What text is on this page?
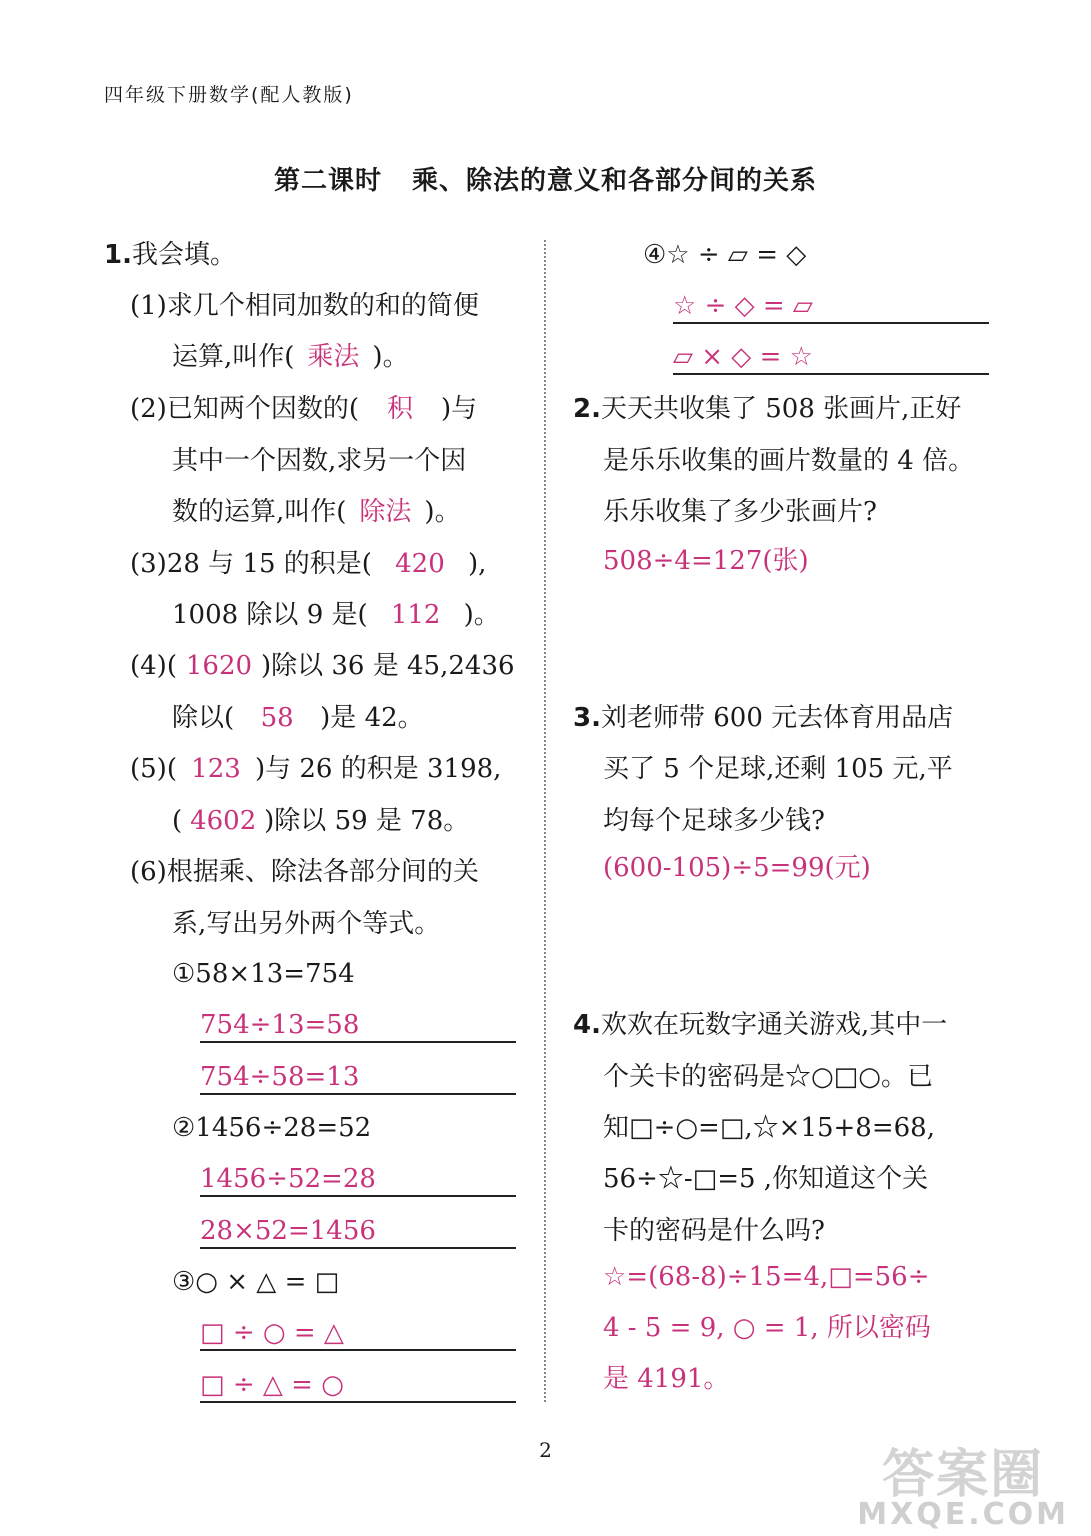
四年级下册数学(配人教版)
第二课时 乘、除法的意义和各部分间的关系
1.我会填。
(1)求几个相同加数的和的简便
运算,叫作( 乘法 )。
(2)已知两个因数的( 积 )与
其中一个因数,求另一个因
数的运算,叫作( 除法 )。
(3)28 与 15 的积是( 420 ),
1008 除以 9 是( 112 )。
(4)( 1620 )除以 36 是 45,2436
除以( 58 )是 42。
(5)( 123 )与 26 的积是 3198,
( 4602 )除以 59 是 78。
(6)根据乘、除法各部分间的关
系,写出另外两个等式。
①58×13=754
754÷13=58
754÷58=13
②1456÷28=52
1456÷52=28
28×52=1456
③○ × △ = □
□ ÷ ○ = △
□ ÷ △ = ○
④☆ ÷ ▱ = ◇
☆ ÷ ◇ = ▱
▱ × ◇ = ☆
2.天天共收集了 508 张画片,正好
是乐乐收集的画片数量的 4 倍。
乐乐收集了多少张画片?
508÷4=127(张)
3.刘老师带 600 元去体育用品店
买了 5 个足球,还剩 105 元,平
均每个足球多少钱?
(600-105)÷5=99(元)
4.欢欢在玩数字通关游戏,其中一
个关卡的密码是☆○□○。已
知□÷○=□,☆×15+8=68,
56÷☆-□=5 ,你知道这个关
卡的密码是什么吗?
☆=(68-8)÷15=4,□=56÷
4 - 5 = 9, ○ = 1, 所以密码
是 4191。
2	答案圈
MXQE.COM
